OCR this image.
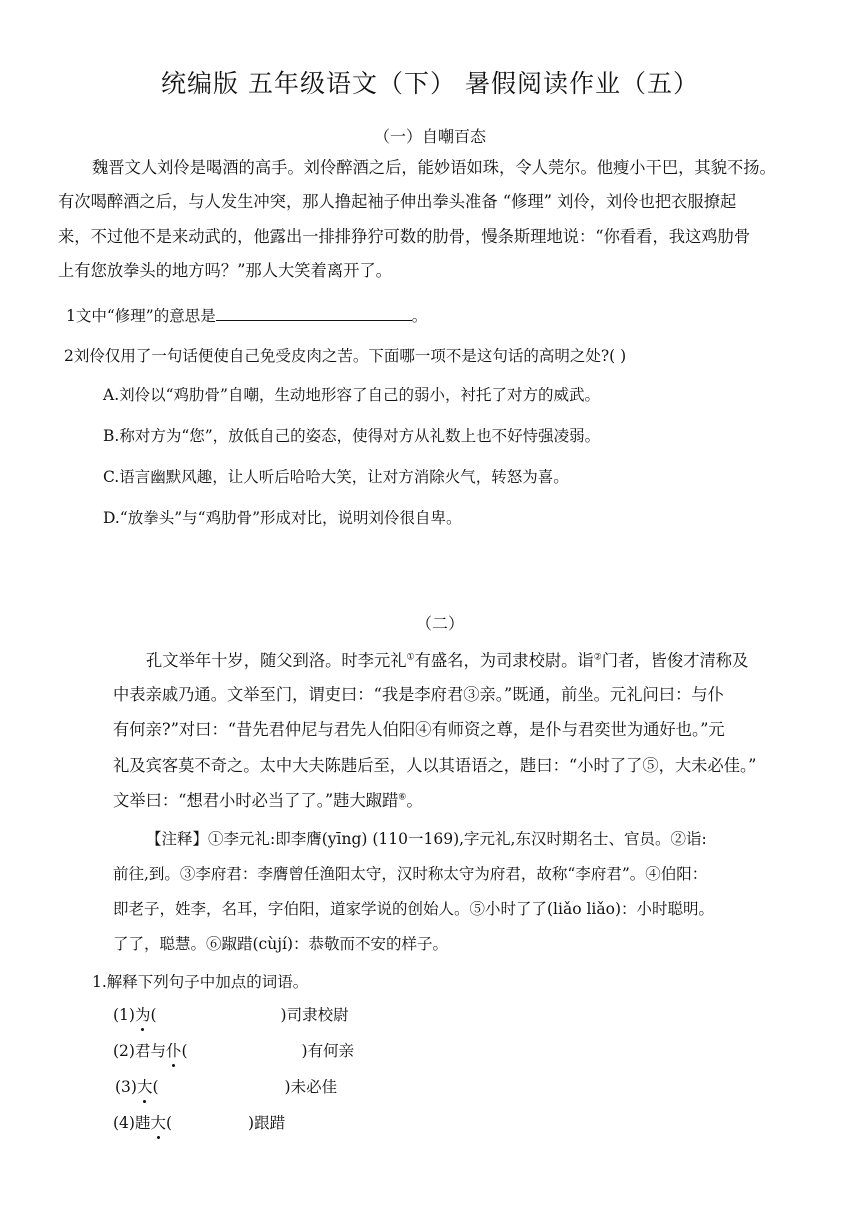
统编版 五年级语文（下） 暑假阅读作业（五）
（一）自嘲百态
魏晋文人刘伶是喝酒的高手。刘伶醉酒之后，能妙语如珠，令人莞尔。他瘦小干巴，其貌不扬。
有次喝醉酒之后，与人发生冲突，那人撸起袖子伸出拳头准备 “修理” 刘伶，刘伶也把衣服撩起
来，不过他不是来动武的，他露出一排排狰狞可数的肋骨，慢条斯理地说：“你看看，我这鸡肋骨
上有您放拳头的地方吗？”那人大笑着离开了。
1文中“修理”的意思是	。
2刘伶仅用了一句话便使自己免受皮肉之苦。下面哪一项不是这句话的高明之处?( )
A.刘伶以“鸡肋骨”自嘲，生动地形容了自己的弱小，衬托了对方的威武。
B.称对方为“您”，放低自己的姿态，使得对方从礼数上也不好恃强凌弱。
C.语言幽默风趣，让人听后哈哈大笑，让对方消除火气，转怒为喜。
D.“放拳头”与“鸡肋骨”形成对比，说明刘伶很自卑。
（二）
孔文举年十岁，随父到洛。时李元礼①有盛名，为司隶校尉。诣②门者，皆俊才清称及
中表亲戚乃通。文举至门，谓吏曰：“我是李府君③亲。”既通，前坐。元礼问曰：与仆
有何亲?”对曰：“昔先君仲尼与君先人伯阳④有师资之尊，是仆与君奕世为通好也。”元
礼及宾客莫不奇之。太中大夫陈韪后至，人以其语语之，韪曰：“小时了了⑤，大未必佳。”
文举曰：“想君小时必当了了。”韪大踧踖⑥。
【注释】①李元礼:即李膺(yīng) (110一169),字元礼,东汉时期名士、官员。②诣:
前往,到。③李府君：李膺曾任渔阳太守，汉时称太守为府君，故称“李府君”。④伯阳：
即老子，姓李，名耳，字伯阳，道家学说的创始人。⑤小时了了(liǎo liǎo)：小时聪明。
了了，聪慧。⑥踧踖(cùjí)：恭敬而不安的样子。
1.解释下列句子中加点的词语。
(1)为(	)司隶校尉
(2)君与仆(	)有何亲
(3)大(	)未必佳
(4)韪大(	)跟踖
